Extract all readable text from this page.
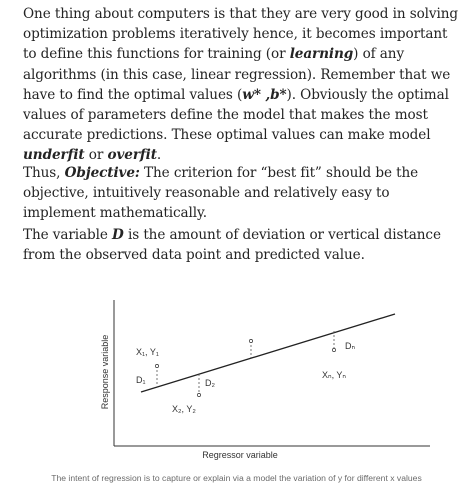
One thing about computers is that they are very good in solving optimization problems iteratively hence, it becomes important to define this functions for training (or learning) of any algorithms (in this case, linear regression). Remember that we have to find the optimal values (w* ,b*). Obviously the optimal values of parameters define the model that makes the most accurate predictions. These optimal values can make model underfit or overfit.

Thus, Objective: The criterion for “best fit” should be the objective, intuitively reasonable and relatively easy to implement mathematically.

The variable D is the amount of deviation or vertical distance from the observed data point and predicted value.

X₁, Y₁
D₁	D₂
X₂, Y₂
Dₙ
Xₙ, Yₙ
Regressor variable
Response variable
The intent of regression is to capture or explain via a model the variation of y for different x values
